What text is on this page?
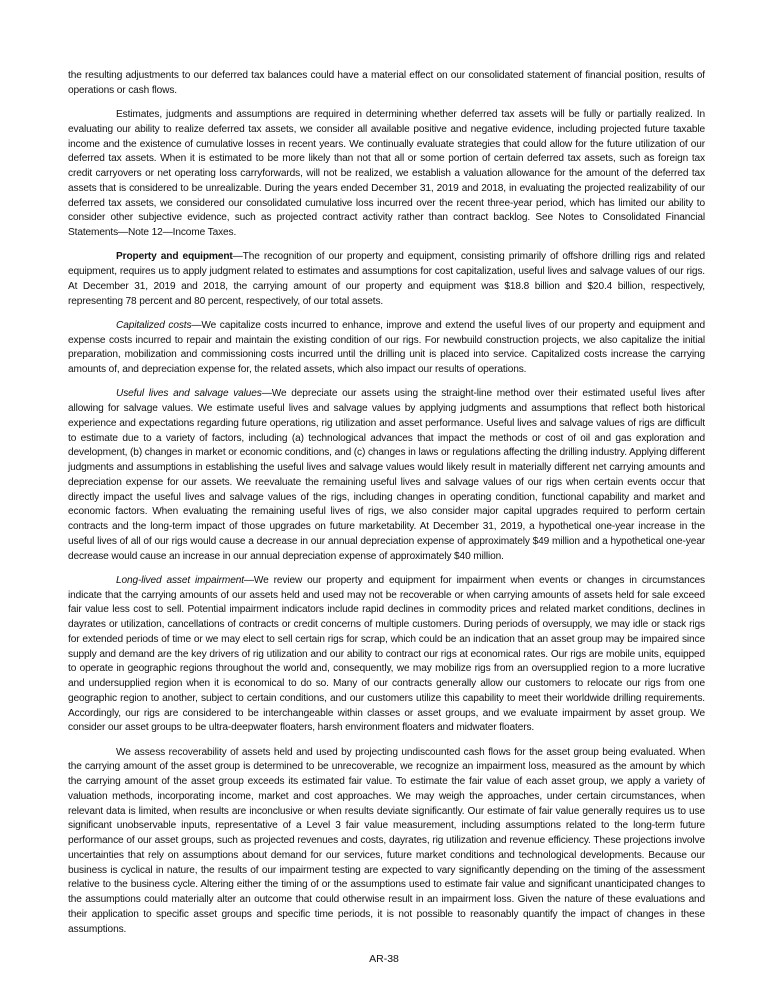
the resulting adjustments to our deferred tax balances could have a material effect on our consolidated statement of financial position, results of operations or cash flows.

Estimates, judgments and assumptions are required in determining whether deferred tax assets will be fully or partially realized. In evaluating our ability to realize deferred tax assets, we consider all available positive and negative evidence, including projected future taxable income and the existence of cumulative losses in recent years. We continually evaluate strategies that could allow for the future utilization of our deferred tax assets. When it is estimated to be more likely than not that all or some portion of certain deferred tax assets, such as foreign tax credit carryovers or net operating loss carryforwards, will not be realized, we establish a valuation allowance for the amount of the deferred tax assets that is considered to be unrealizable. During the years ended December 31, 2019 and 2018, in evaluating the projected realizability of our deferred tax assets, we considered our consolidated cumulative loss incurred over the recent three-year period, which has limited our ability to consider other subjective evidence, such as projected contract activity rather than contract backlog. See Notes to Consolidated Financial Statements—Note 12—Income Taxes.

Property and equipment—The recognition of our property and equipment, consisting primarily of offshore drilling rigs and related equipment, requires us to apply judgment related to estimates and assumptions for cost capitalization, useful lives and salvage values of our rigs. At December 31, 2019 and 2018, the carrying amount of our property and equipment was $18.8 billion and $20.4 billion, respectively, representing 78 percent and 80 percent, respectively, of our total assets.

Capitalized costs—We capitalize costs incurred to enhance, improve and extend the useful lives of our property and equipment and expense costs incurred to repair and maintain the existing condition of our rigs. For newbuild construction projects, we also capitalize the initial preparation, mobilization and commissioning costs incurred until the drilling unit is placed into service. Capitalized costs increase the carrying amounts of, and depreciation expense for, the related assets, which also impact our results of operations.

Useful lives and salvage values—We depreciate our assets using the straight-line method over their estimated useful lives after allowing for salvage values. We estimate useful lives and salvage values by applying judgments and assumptions that reflect both historical experience and expectations regarding future operations, rig utilization and asset performance. Useful lives and salvage values of rigs are difficult to estimate due to a variety of factors, including (a) technological advances that impact the methods or cost of oil and gas exploration and development, (b) changes in market or economic conditions, and (c) changes in laws or regulations affecting the drilling industry. Applying different judgments and assumptions in establishing the useful lives and salvage values would likely result in materially different net carrying amounts and depreciation expense for our assets. We reevaluate the remaining useful lives and salvage values of our rigs when certain events occur that directly impact the useful lives and salvage values of the rigs, including changes in operating condition, functional capability and market and economic factors. When evaluating the remaining useful lives of rigs, we also consider major capital upgrades required to perform certain contracts and the long-term impact of those upgrades on future marketability. At December 31, 2019, a hypothetical one-year increase in the useful lives of all of our rigs would cause a decrease in our annual depreciation expense of approximately $49 million and a hypothetical one-year decrease would cause an increase in our annual depreciation expense of approximately $40 million.

Long-lived asset impairment—We review our property and equipment for impairment when events or changes in circumstances indicate that the carrying amounts of our assets held and used may not be recoverable or when carrying amounts of assets held for sale exceed fair value less cost to sell. Potential impairment indicators include rapid declines in commodity prices and related market conditions, declines in dayrates or utilization, cancellations of contracts or credit concerns of multiple customers. During periods of oversupply, we may idle or stack rigs for extended periods of time or we may elect to sell certain rigs for scrap, which could be an indication that an asset group may be impaired since supply and demand are the key drivers of rig utilization and our ability to contract our rigs at economical rates. Our rigs are mobile units, equipped to operate in geographic regions throughout the world and, consequently, we may mobilize rigs from an oversupplied region to a more lucrative and undersupplied region when it is economical to do so. Many of our contracts generally allow our customers to relocate our rigs from one geographic region to another, subject to certain conditions, and our customers utilize this capability to meet their worldwide drilling requirements. Accordingly, our rigs are considered to be interchangeable within classes or asset groups, and we evaluate impairment by asset group. We consider our asset groups to be ultra-deepwater floaters, harsh environment floaters and midwater floaters.

We assess recoverability of assets held and used by projecting undiscounted cash flows for the asset group being evaluated. When the carrying amount of the asset group is determined to be unrecoverable, we recognize an impairment loss, measured as the amount by which the carrying amount of the asset group exceeds its estimated fair value. To estimate the fair value of each asset group, we apply a variety of valuation methods, incorporating income, market and cost approaches. We may weigh the approaches, under certain circumstances, when relevant data is limited, when results are inconclusive or when results deviate significantly. Our estimate of fair value generally requires us to use significant unobservable inputs, representative of a Level 3 fair value measurement, including assumptions related to the long-term future performance of our asset groups, such as projected revenues and costs, dayrates, rig utilization and revenue efficiency. These projections involve uncertainties that rely on assumptions about demand for our services, future market conditions and technological developments. Because our business is cyclical in nature, the results of our impairment testing are expected to vary significantly depending on the timing of the assessment relative to the business cycle. Altering either the timing of or the assumptions used to estimate fair value and significant unanticipated changes to the assumptions could materially alter an outcome that could otherwise result in an impairment loss. Given the nature of these evaluations and their application to specific asset groups and specific time periods, it is not possible to reasonably quantify the impact of changes in these assumptions.

AR-38
